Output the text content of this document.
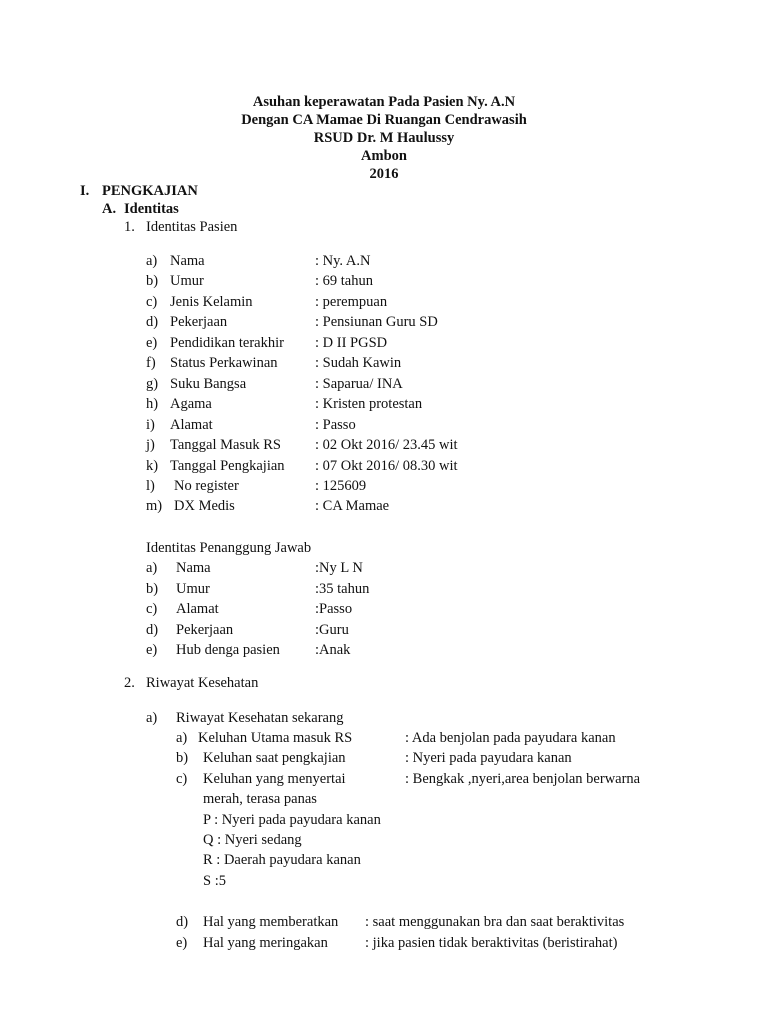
Asuhan keperawatan Pada Pasien Ny. A.N
Dengan CA Mamae Di Ruangan Cendrawasih
RSUD Dr. M Haulussy
Ambon
2016
I. PENGKAJIAN
A. Identitas
1. Identitas Pasien
a) Nama	: Ny. A.N
b) Umur	: 69 tahun
c) Jenis Kelamin	: perempuan
d) Pekerjaan	: Pensiunan Guru SD
e) Pendidikan terakhir : D II PGSD
f) Status Perkawinan	: Sudah Kawin
g) Suku Bangsa	: Saparua/ INA
h) Agama	: Kristen protestan
i) Alamat	: Passo
j) Tanggal Masuk RS : 02 Okt 2016/ 23.45 wit
k) Tanggal Pengkajian : 07 Okt 2016/ 08.30 wit
l) No register	: 125609
m) DX Medis	: CA Mamae
Identitas Penanggung Jawab
a) Nama	:Ny L N
b) Umur	:35 tahun
c) Alamat	:Passo
d) Pekerjaan	:Guru
e) Hub denga pasien :Anak
2. Riwayat Kesehatan
a) Riwayat Kesehatan sekarang
a) Keluhan Utama masuk RS	: Ada benjolan pada payudara kanan
b) Keluhan saat pengkajian	: Nyeri pada payudara kanan
c) Keluhan yang menyertai	: Bengkak ,nyeri,area benjolan berwarna
merah, terasa panas
P : Nyeri pada payudara kanan
Q : Nyeri sedang
R : Daerah payudara kanan
S :5
d) Hal yang memberatkan : saat menggunakan bra dan saat beraktivitas
e) Hal yang meringakan	: jika pasien tidak beraktivitas (beristirahat)
